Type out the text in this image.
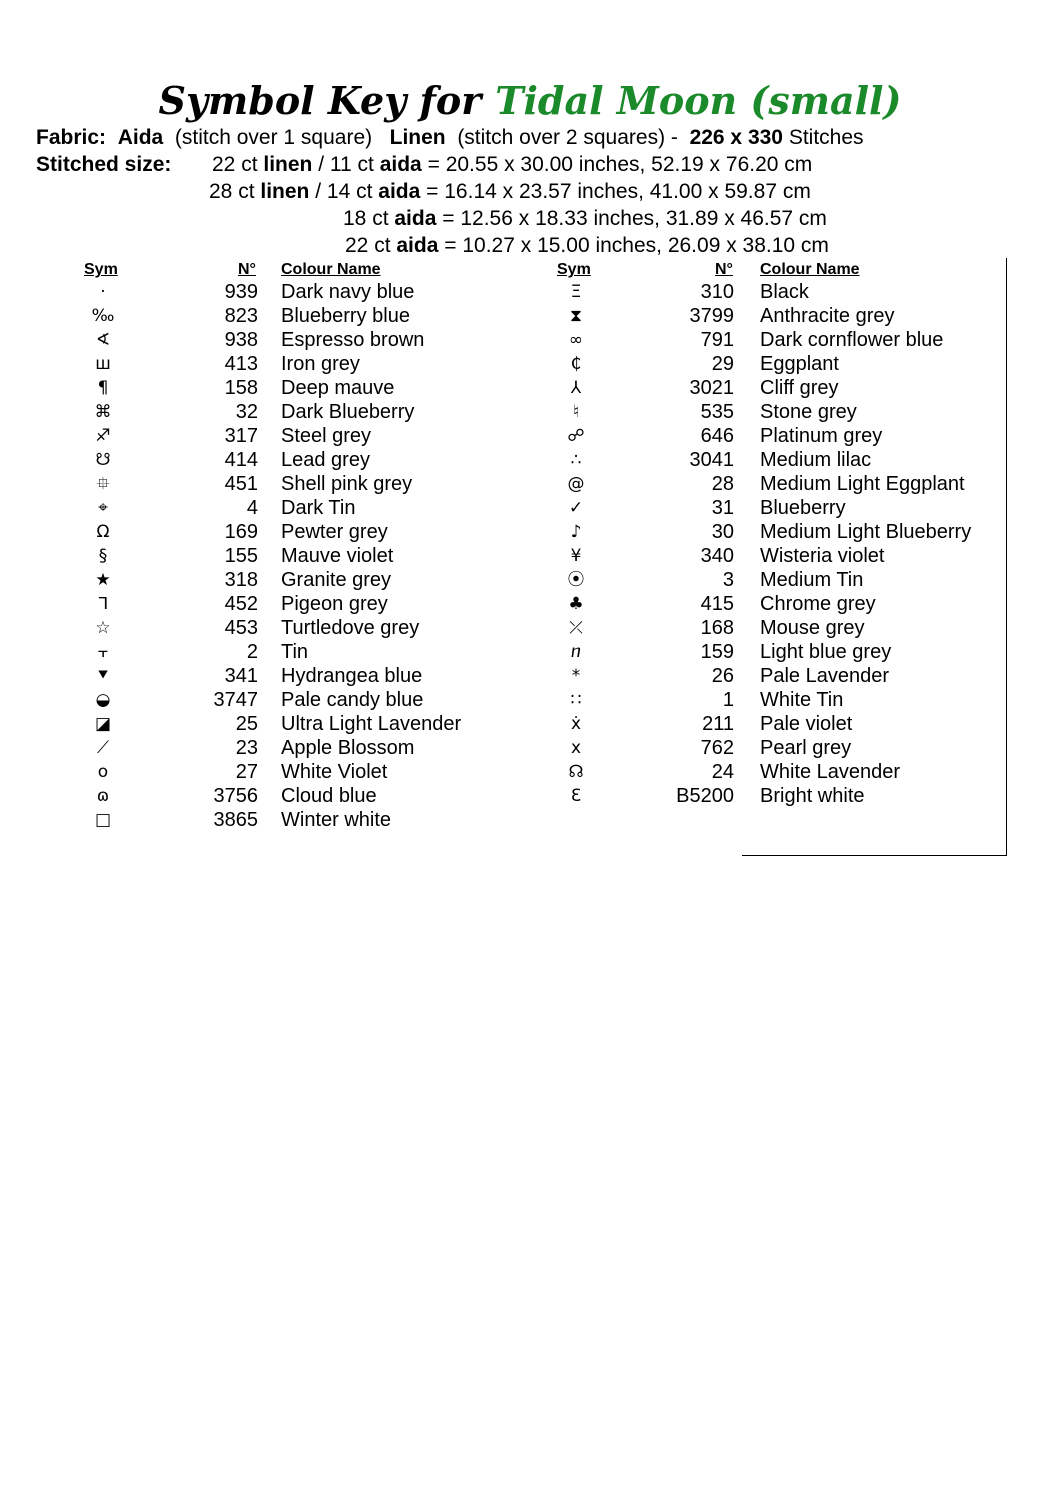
Symbol Key for Tidal Moon (small)
Fabric: Aida (stitch over 1 square) Linen (stitch over 2 squares) - 226 x 330 Stitches
Stitched size: 22 ct linen / 11 ct aida = 20.55 x 30.00 inches, 52.19 x 76.20 cm
28 ct linen / 14 ct aida = 16.14 x 23.57 inches, 41.00 x 59.87 cm
18 ct aida = 12.56 x 18.33 inches, 31.89 x 46.57 cm
22 ct aida = 10.27 x 15.00 inches, 26.09 x 38.10 cm
Sym	N° Colour Name	Sym	N° Colour Name
·	939 Dark navy blue
‰	823 Blueberry blue
∢	938 Espresso brown
ш	413 Iron grey
¶	158 Deep mauve
⌘	32 Dark Blueberry
♐	317 Steel grey
☋	414 Lead grey
⯐	451 Shell pink grey
⌖	4 Dark Tin
Ω	169 Pewter grey
§	155 Mauve violet
★	318 Granite grey
ᒣ	452 Pigeon grey
☆	453 Turtledove grey
⫟	2 Tin
⯆	341 Hydrangea blue
◒	3747 Pale candy blue
◪	25 Ultra Light Lavender
⟋	23 Apple Blossom
o	27 White Violet
ɷ	3756 Cloud blue
□	3865 Winter white
Ξ	310 Black
⧗	3799 Anthracite grey
∞	791 Dark cornflower blue
₵	29 Eggplant
⅄	3021 Cliff grey
♮	535 Stone grey
☍	646 Platinum grey
∴	3041 Medium lilac
@	28 Medium Light Eggplant
✓	31 Blueberry
♪	30 Medium Light Blueberry
¥	340 Wisteria violet
⦿	3 Medium Tin
♣	415 Chrome grey
⤫	168 Mouse grey
ⴖ	159 Light blue grey
*	26 Pale Lavender
∷	1 White Tin
ẋ	211 Pale violet
x	762 Pearl grey
☊	24 White Lavender
Ɛ	B5200 Bright white
